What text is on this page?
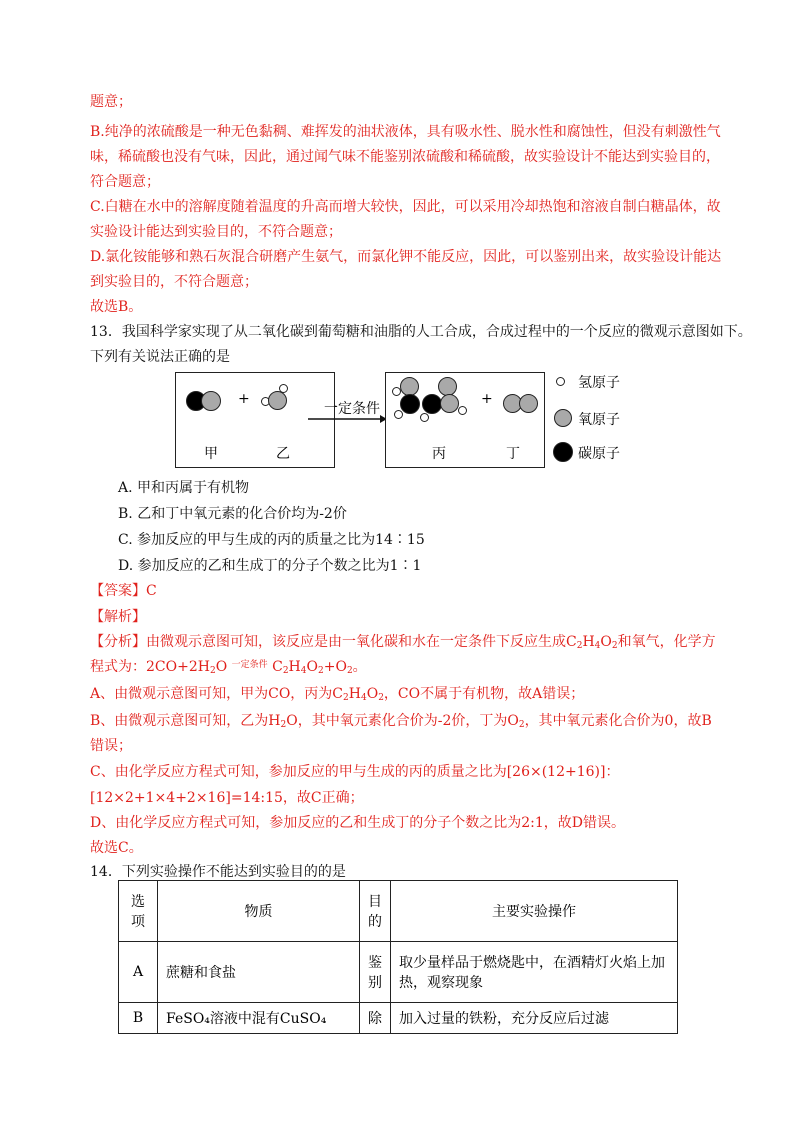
题意；
B.纯净的浓硫酸是一种无色黏稠、难挥发的油状液体，具有吸水性、脱水性和腐蚀性，但没有刺激性气
味，稀硫酸也没有气味，因此，通过闻气味不能鉴别浓硫酸和稀硫酸，故实验设计不能达到实验目的，
符合题意；
C.白糖在水中的溶解度随着温度的升高而增大较快，因此，可以采用冷却热饱和溶液自制白糖晶体，故
实验设计能达到实验目的，不符合题意；
D.氯化铵能够和熟石灰混合研磨产生氨气，而氯化钾不能反应，因此，可以鉴别出来，故实验设计能达
到实验目的，不符合题意；
故选B。
13．我国科学家实现了从二氧化碳到葡萄糖和油脂的人工合成，合成过程中的一个反应的微观示意图如下。
下列有关说法正确的是
+
甲	乙
一定条件
+
丙	丁
氢原子
氧原子
碳原子
A. 甲和丙属于有机物
B. 乙和丁中氧元素的化合价均为-2价
C. 参加反应的甲与生成的丙的质量之比为14∶15
D. 参加反应的乙和生成丁的分子个数之比为1∶1
【答案】C
【解析】
【分析】由微观示意图可知，该反应是由一氧化碳和水在一定条件下反应生成$C_2H_4O_2$和氧气，化学方
程式为：$2CO+2H_2O$ $^{一定条件}$ $C_2H_4O_2+O_2$。
A、由微观示意图可知，甲为CO，丙为$C_2H_4O_2$，CO不属于有机物，故A错误；
B、由微观示意图可知，乙为$H_2O$，其中氧元素化合价为-2价，丁为$O_2$，其中氧元素化合价为0，故B
错误；
C、由化学反应方程式可知，参加反应的甲与生成的丙的质量之比为[26×(12+16)]：
[12×2+1×4+2×16]=14:15，故C正确；
D、由化学反应方程式可知，参加反应的乙和生成丁的分子个数之比为2:1，故D错误。
故选C。
14．下列实验操作不能达到实验目的的是
选项	物质	目的	主要实验操作
A	蔗糖和食盐	鉴别	取少量样品于燃烧匙中，在酒精灯火焰上加热，观察现象
B	FeSO₄溶液中混有CuSO₄	除	加入过量的铁粉，充分反应后过滤
